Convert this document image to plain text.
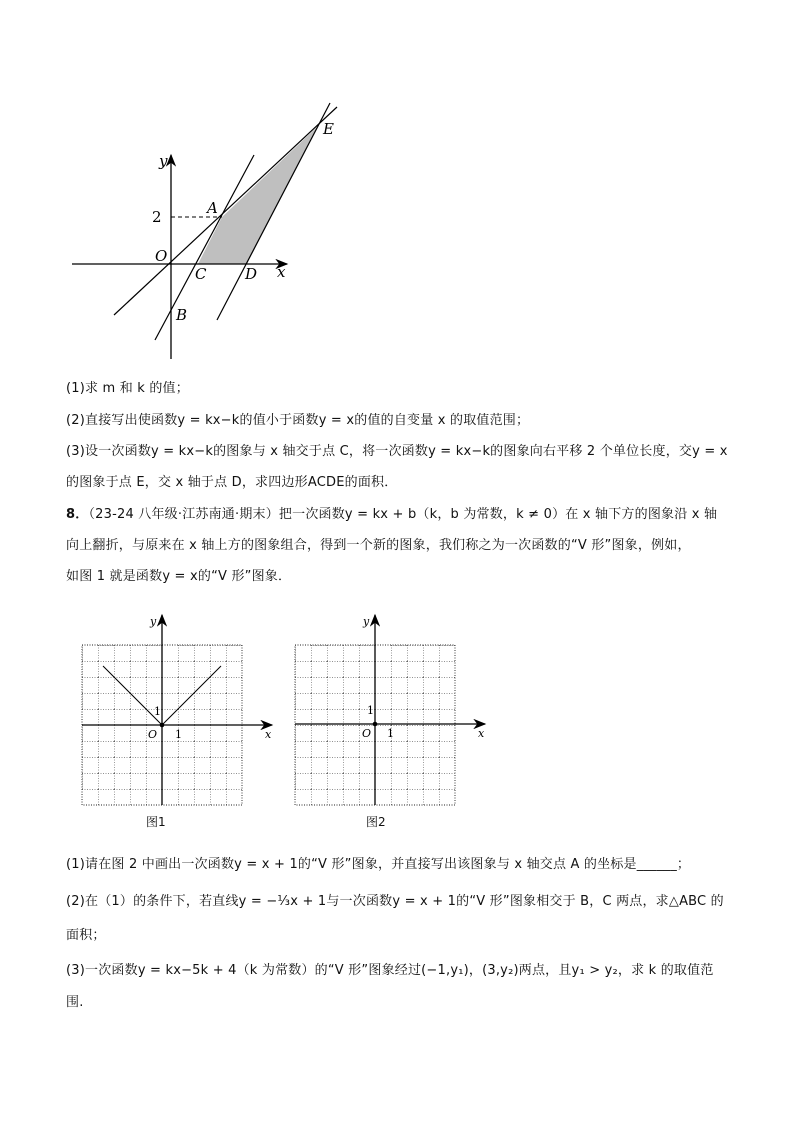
y
2	A
O
C	D x
B
E
(1)求 m 和 k 的值；
(2)直接写出使函数y = kx−k的值小于函数y = x的值的自变量 x 的取值范围；
(3)设一次函数y = kx−k的图象与 x 轴交于点 C，将一次函数y = kx−k的图象向右平移 2 个单位长度，交y = x
的图象于点 E，交 x 轴于点 D，求四边形ACDE的面积．
8．（23-24 八年级·江苏南通·期末）把一次函数y = kx + b（k，b 为常数，k ≠ 0）在 x 轴下方的图象沿 x 轴
向上翻折，与原来在 x 轴上方的图象组合，得到一个新的图象，我们称之为一次函数的“V 形”图象，例如，
如图 1 就是函数y = x的“V 形”图象．
y
x
O
1
1
图1
y
x
O
1
1
图2
(1)请在图 2 中画出一次函数y = x + 1的“V 形”图象，并直接写出该图象与 x 轴交点 A 的坐标是______；
(2)在（1）的条件下，若直线y = −⅓x + 1与一次函数y = x + 1的“V 形”图象相交于 B，C 两点，求△ABC 的
面积；
(3)一次函数y = kx−5k + 4（k 为常数）的“V 形”图象经过(−1,y₁)，(3,y₂)两点，且y₁ > y₂，求 k 的取值范
围.
